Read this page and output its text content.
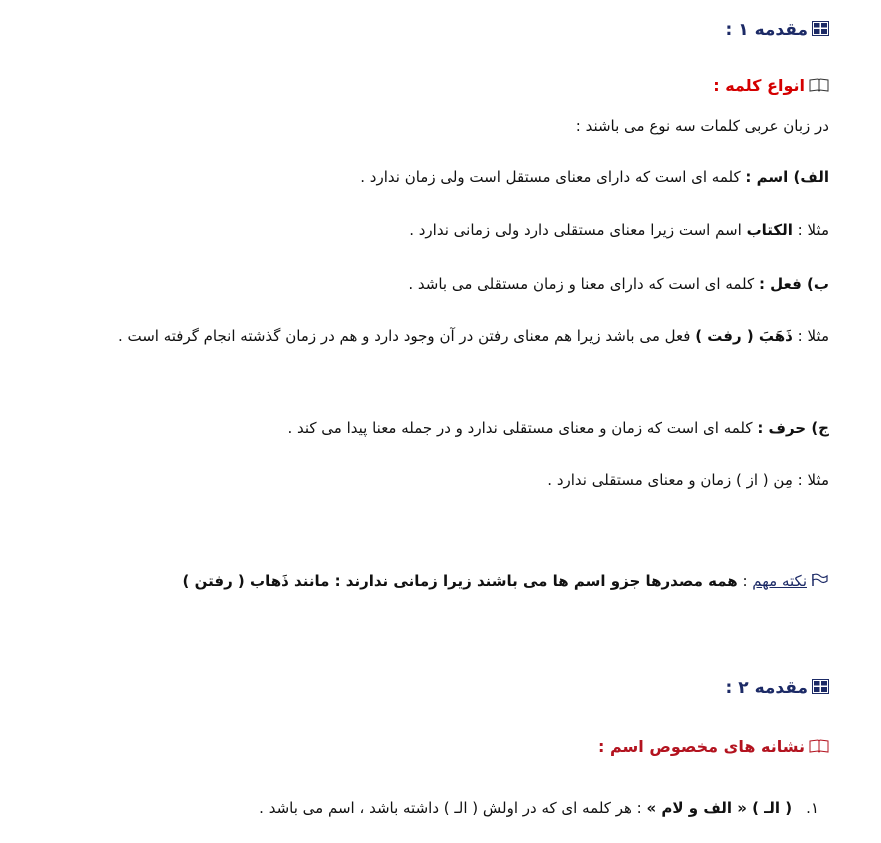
مقدمه ۱ :
انواع کلمه :
در زبان عربی کلمات سه نوع می باشند :
الف) اسم : کلمه ای است که دارای معنای مستقل است ولی زمان ندارد .
مثلا : الکتاب اسم است زیرا معنای مستقلی دارد ولی زمانی ندارد .
ب) فعل : کلمه ای است که دارای معنا و زمان مستقلی می باشد .
مثلا : ذَهَبَ ( رفت ) فعل می باشد زیرا هم معنای رفتن در آن وجود دارد و هم در زمان گذشته انجام گرفته است .
ج) حرف : کلمه ای است که زمان و معنای مستقلی ندارد و در جمله معنا پیدا می کند .
مثلا : مِن ( از ) زمان و معنای مستقلی ندارد .
نکته مهم : همه مصدرها جزو اسم ها می باشند زیرا زمانی ندارند : مانند ذَهاب ( رفتن )
مقدمه ۲ :
نشانه های مخصوص اسم :
۱.( الـ ) « الف و لام » : هر کلمه ای که در اولش ( الـ ) داشته باشد ، اسم می باشد .
